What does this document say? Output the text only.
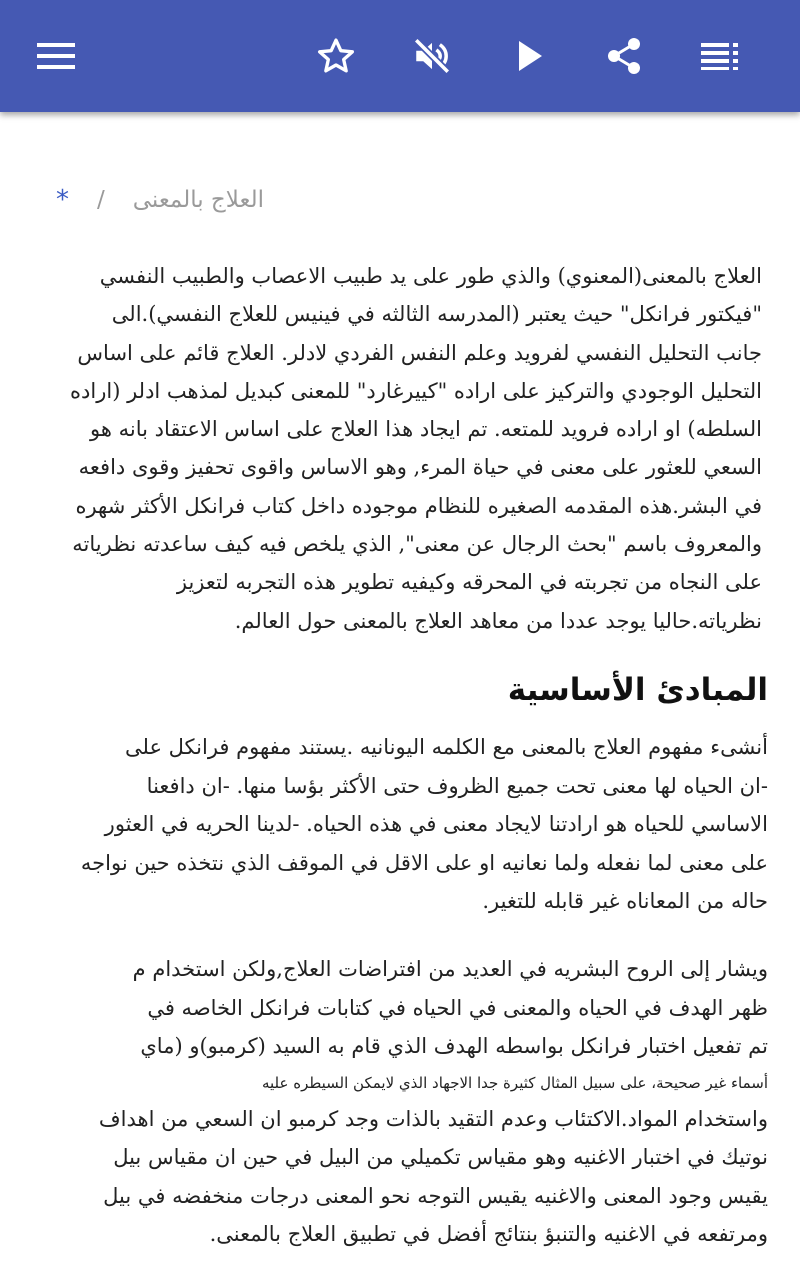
العلاج بالمعنى
/
*

العلاج بالمعنى(المعنوي) والذي طور على يد طبيب الاعصاب والطبيب النفسي
"فيكتور فرانكل" حيث يعتبر (المدرسه الثالثه في فينيس للعلاج النفسي).الى
جانب التحليل النفسي لفرويد وعلم النفس الفردي لادلر. العلاج قائم على اساس
التحليل الوجودي والتركيز على اراده "كييرغارد" للمعنى كبديل لمذهب ادلر (اراده
السلطه) او اراده فرويد للمتعه. تم ايجاد هذا العلاج على اساس الاعتقاد بانه هو
السعي للعثور على معنى في حياة المرء, وهو الاساس واقوى تحفيز وقوى دافعه
في البشر.هذه المقدمه الصغيره للنظام موجوده داخل كتاب فرانكل الأكثر شهره
والمعروف باسم "بحث الرجال عن معنى", الذي يلخص فيه كيف ساعدته نظرياته
على النجاه من تجربته في المحرقه وكيفيه تطوير هذه التجربه لتعزيز
نظرياته.حاليا يوجد عددا من معاهد العلاج بالمعنى حول العالم.

المبادئ الأساسية

أنشىء مفهوم العلاج بالمعنى مع الكلمه اليونانيه .يستند مفهوم فرانكل على
-ان الحياه لها معنى تحت جميع الظروف حتى الأكثر بؤسا منها. -ان دافعنا
الاساسي للحياه هو ارادتنا لايجاد معنى في هذه الحياه. -لدينا الحريه في العثور
على معنى لما نفعله ولما نعانيه او على الاقل في الموقف الذي نتخذه حين نواجه
حاله من المعاناه غير قابله للتغير.

ويشار إلى الروح البشريه في العديد من افتراضات العلاج,ولكن استخدام م
ظهر الهدف في الحياه والمعنى في الحياه في كتابات فرانكل الخاصه في
تم تفعيل اختبار فرانكل بواسطه الهدف الذي قام به السيد (كرمبو)و (ماي
أسماء غير صحيحة، على سبيل المثال كثيرة جدا الاجهاد الذي لايمكن السيطره عليه
واستخدام المواد.الاكتئاب وعدم التقيد بالذات وجد كرمبو ان السعي من اهداف
نوتيك في اختبار الاغنيه وهو مقياس تكميلي من البيل في حين ان مقياس بيل
يقيس وجود المعنى والاغنيه يقيس التوجه نحو المعنى درجات منخفضه في بيل
ومرتفعه في الاغنيه والتنبؤ بنتائج أفضل في تطبيق العلاج بالمعنى.
